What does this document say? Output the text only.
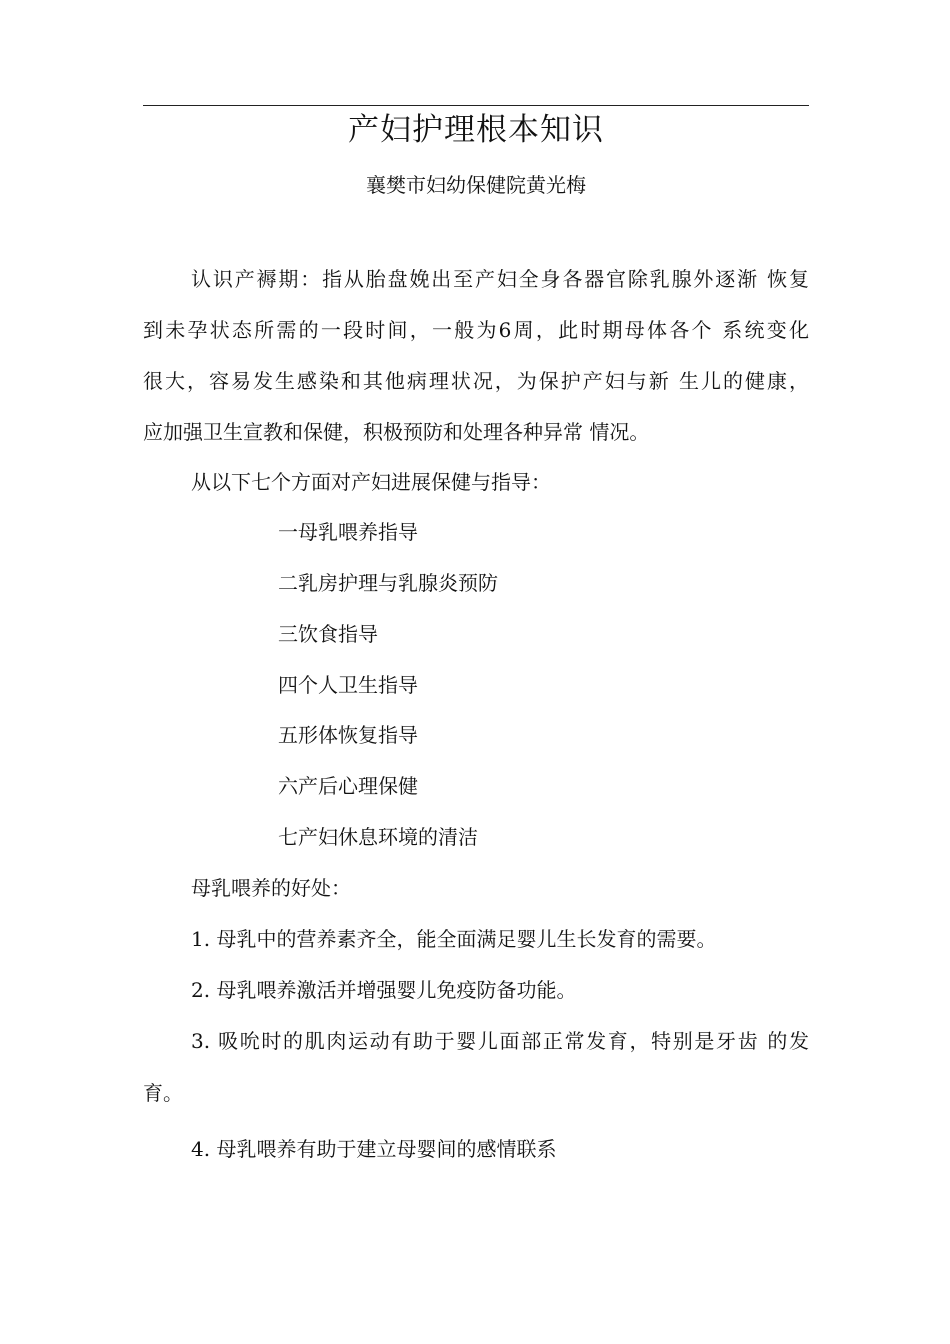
产妇护理根本知识
襄樊市妇幼保健院黄光梅
认识产褥期：指从胎盘娩出至产妇全身各器官除乳腺外逐渐 恢复
到未孕状态所需的一段时间，一般为6周，此时期母体各个 系统变化
很大，容易发生感染和其他病理状况，为保护产妇与新 生儿的健康，
应加强卫生宣教和保健，积极预防和处理各种异常 情况。
从以下七个方面对产妇进展保健与指导：
一母乳喂养指导
二乳房护理与乳腺炎预防
三饮食指导
四个人卫生指导
五形体恢复指导
六产后心理保健
七产妇休息环境的清洁
母乳喂养的好处：
1. 母乳中的营养素齐全，能全面满足婴儿生长发育的需要。
2. 母乳喂养激活并增强婴儿免疫防备功能。
3. 吸吮时的肌肉运动有助于婴儿面部正常发育，特别是牙齿 的发
育。
4. 母乳喂养有助于建立母婴间的感情联系
